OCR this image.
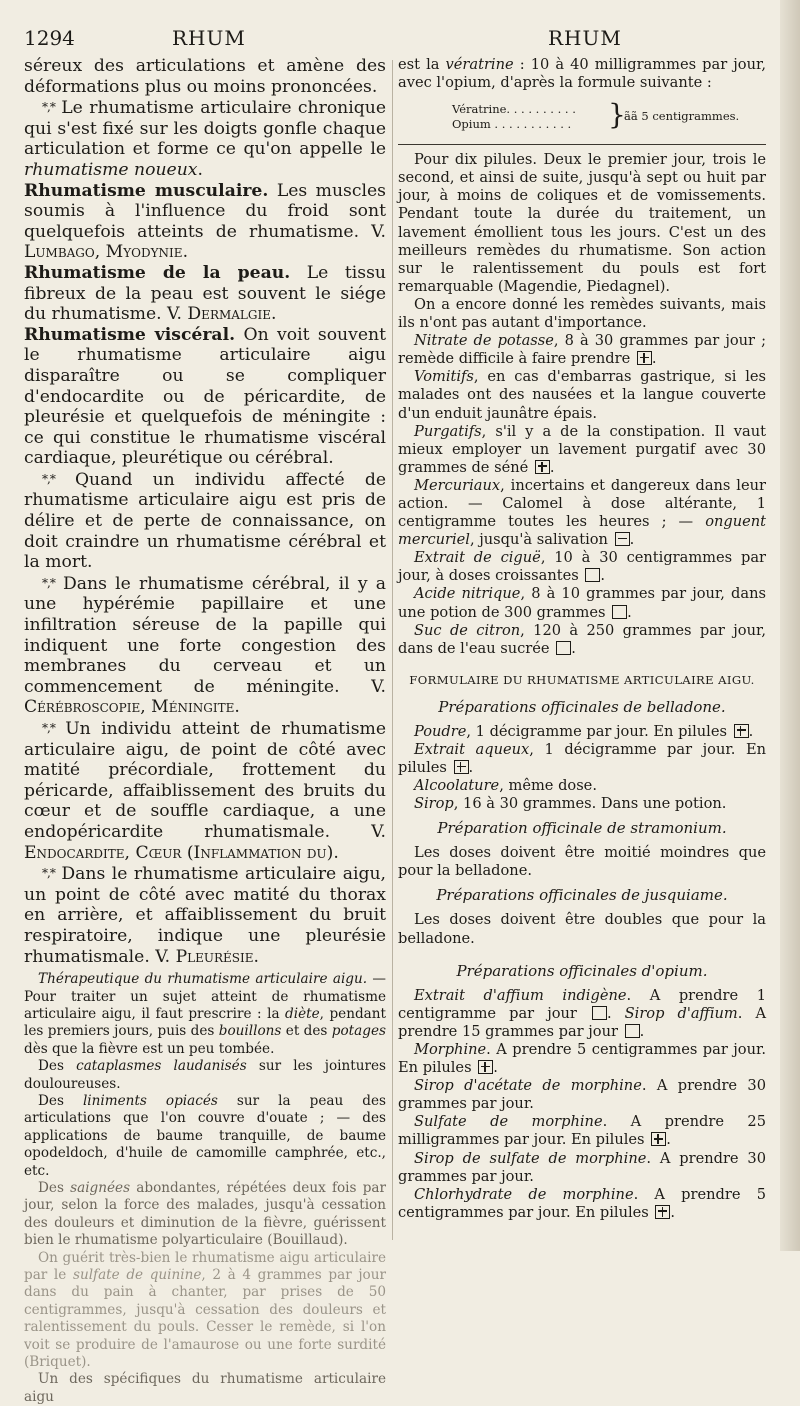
1294	RHUM

séreux des articulations et amène des déformations plus ou moins prononcées.

*,* Le rhumatisme articulaire chronique qui s'est fixé sur les doigts gonfle chaque articulation et forme ce qu'on appelle le rhumatisme noueux.

Rhumatisme musculaire. Les muscles soumis à l'influence du froid sont quelquefois atteints de rhumatisme. V. Lumbago, Myodynie.

Rhumatisme de la peau. Le tissu fibreux de la peau est souvent le siége du rhumatisme. V. Dermalgie.

Rhumatisme viscéral. On voit souvent le rhumatisme articulaire aigu disparaître ou se compliquer d'endocardite ou de péricardite, de pleurésie et quelquefois de méningite : ce qui constitue le rhumatisme viscéral cardiaque, pleurétique ou cérébral.

*,* Quand un individu affecté de rhumatisme articulaire aigu est pris de délire et de perte de connaissance, on doit craindre un rhumatisme cérébral et la mort.

*,* Dans le rhumatisme cérébral, il y a une hypérémie papillaire et une infiltration séreuse de la papille qui indiquent une forte congestion des membranes du cerveau et un commencement de méningite. V. Cérébroscopie, Méningite.

*,* Un individu atteint de rhumatisme articulaire aigu, de point de côté avec matité précordiale, frottement du péricarde, affaiblissement des bruits du cœur et de souffle cardiaque, a une endopéricardite rhumatismale. V. Endocardite, Cœur (Inflammation du).

*,* Dans le rhumatisme articulaire aigu, un point de côté avec matité du thorax en arrière, et affaiblissement du bruit respiratoire, indique une pleurésie rhumatismale. V. Pleurésie.

Thérapeutique du rhumatisme articulaire aigu. — Pour traiter un sujet atteint de rhumatisme articulaire aigu, il faut prescrire : la diète, pendant les premiers jours, puis des bouillons et des potages dès que la fièvre est un peu tombée.

Des cataplasmes laudanisés sur les jointures douloureuses.

Des liniments opiacés sur la peau des articulations que l'on couvre d'ouate ; — des applications de baume tranquille, de baume opodeldoch, d'huile de camomille camphrée, etc., etc.

Des saignées abondantes, répétées deux fois par jour, selon la force des malades, jusqu'à cessation des douleurs et diminution de la fièvre, guérissent bien le rhumatisme polyarticulaire (Bouillaud).

On guérit très-bien le rhumatisme aigu articulaire par le sulfate de quinine, 2 à 4 grammes par jour dans du pain à chanter, par prises de 50 centigrammes, jusqu'à cessation des douleurs et ralentissement du pouls. Cesser le remède, si l'on voit se produire de l'amaurose ou une forte surdité (Briquet).

Un des spécifiques du rhumatisme articulaire aigu

RHUM

est la vératrine : 10 à 40 milligrammes par jour, avec l'opium, d'après la formule suivante :

Vératrine. . . . . . . . . .
Opium . . . . . . . . . . . }
ãã 5 centigrammes.

Pour dix pilules. Deux le premier jour, trois le second, et ainsi de suite, jusqu'à sept ou huit par jour, à moins de coliques et de vomissements. Pendant toute la durée du traitement, un lavement émollient tous les jours. C'est un des meilleurs remèdes du rhumatisme. Son action sur le ralentissement du pouls est fort remarquable (Magendie, Piedagnel).

On a encore donné les remèdes suivants, mais ils n'ont pas autant d'importance.

Nitrate de potasse, 8 à 30 grammes par jour ; remède difficile à faire prendre .

Vomitifs, en cas d'embarras gastrique, si les malades ont des nausées et la langue couverte d'un enduit jaunâtre épais.

Purgatifs, s'il y a de la constipation. Il vaut mieux employer un lavement purgatif avec 30 grammes de séné .

Mercuriaux, incertains et dangereux dans leur action. — Calomel à dose altérante, 1 centigramme toutes les heures ; — onguent mercuriel, jusqu'à salivation .

Extrait de ciguë, 10 à 30 centigrammes par jour, à doses croissantes .

Acide nitrique, 8 à 10 grammes par jour, dans une potion de 300 grammes .

Suc de citron, 120 à 250 grammes par jour, dans de l'eau sucrée .

FORMULAIRE DU RHUMATISME ARTICULAIRE AIGU.
Préparations officinales de belladone.

Poudre, 1 décigramme par jour. En pilules .

Extrait aqueux, 1 décigramme par jour. En pilules .

Alcoolature, même dose.

Sirop, 16 à 30 grammes. Dans une potion.

Préparation officinale de stramonium.

Les doses doivent être moitié moindres que pour la belladone.

Préparations officinales de jusquiame.

Les doses doivent être doubles que pour la belladone.

Préparations officinales d'opium.

Extrait d'affium indigène. A prendre 1 centigramme par jour . Sirop d'affium. A prendre 15 grammes par jour .

Morphine. A prendre 5 centigrammes par jour. En pilules .

Sirop d'acétate de morphine. A prendre 30 grammes par jour.

Sulfate de morphine. A prendre 25 milligrammes par jour. En pilules .

Sirop de sulfate de morphine. A prendre 30 grammes par jour.

Chlorhydrate de morphine. A prendre 5 centigrammes par jour. En pilules .
